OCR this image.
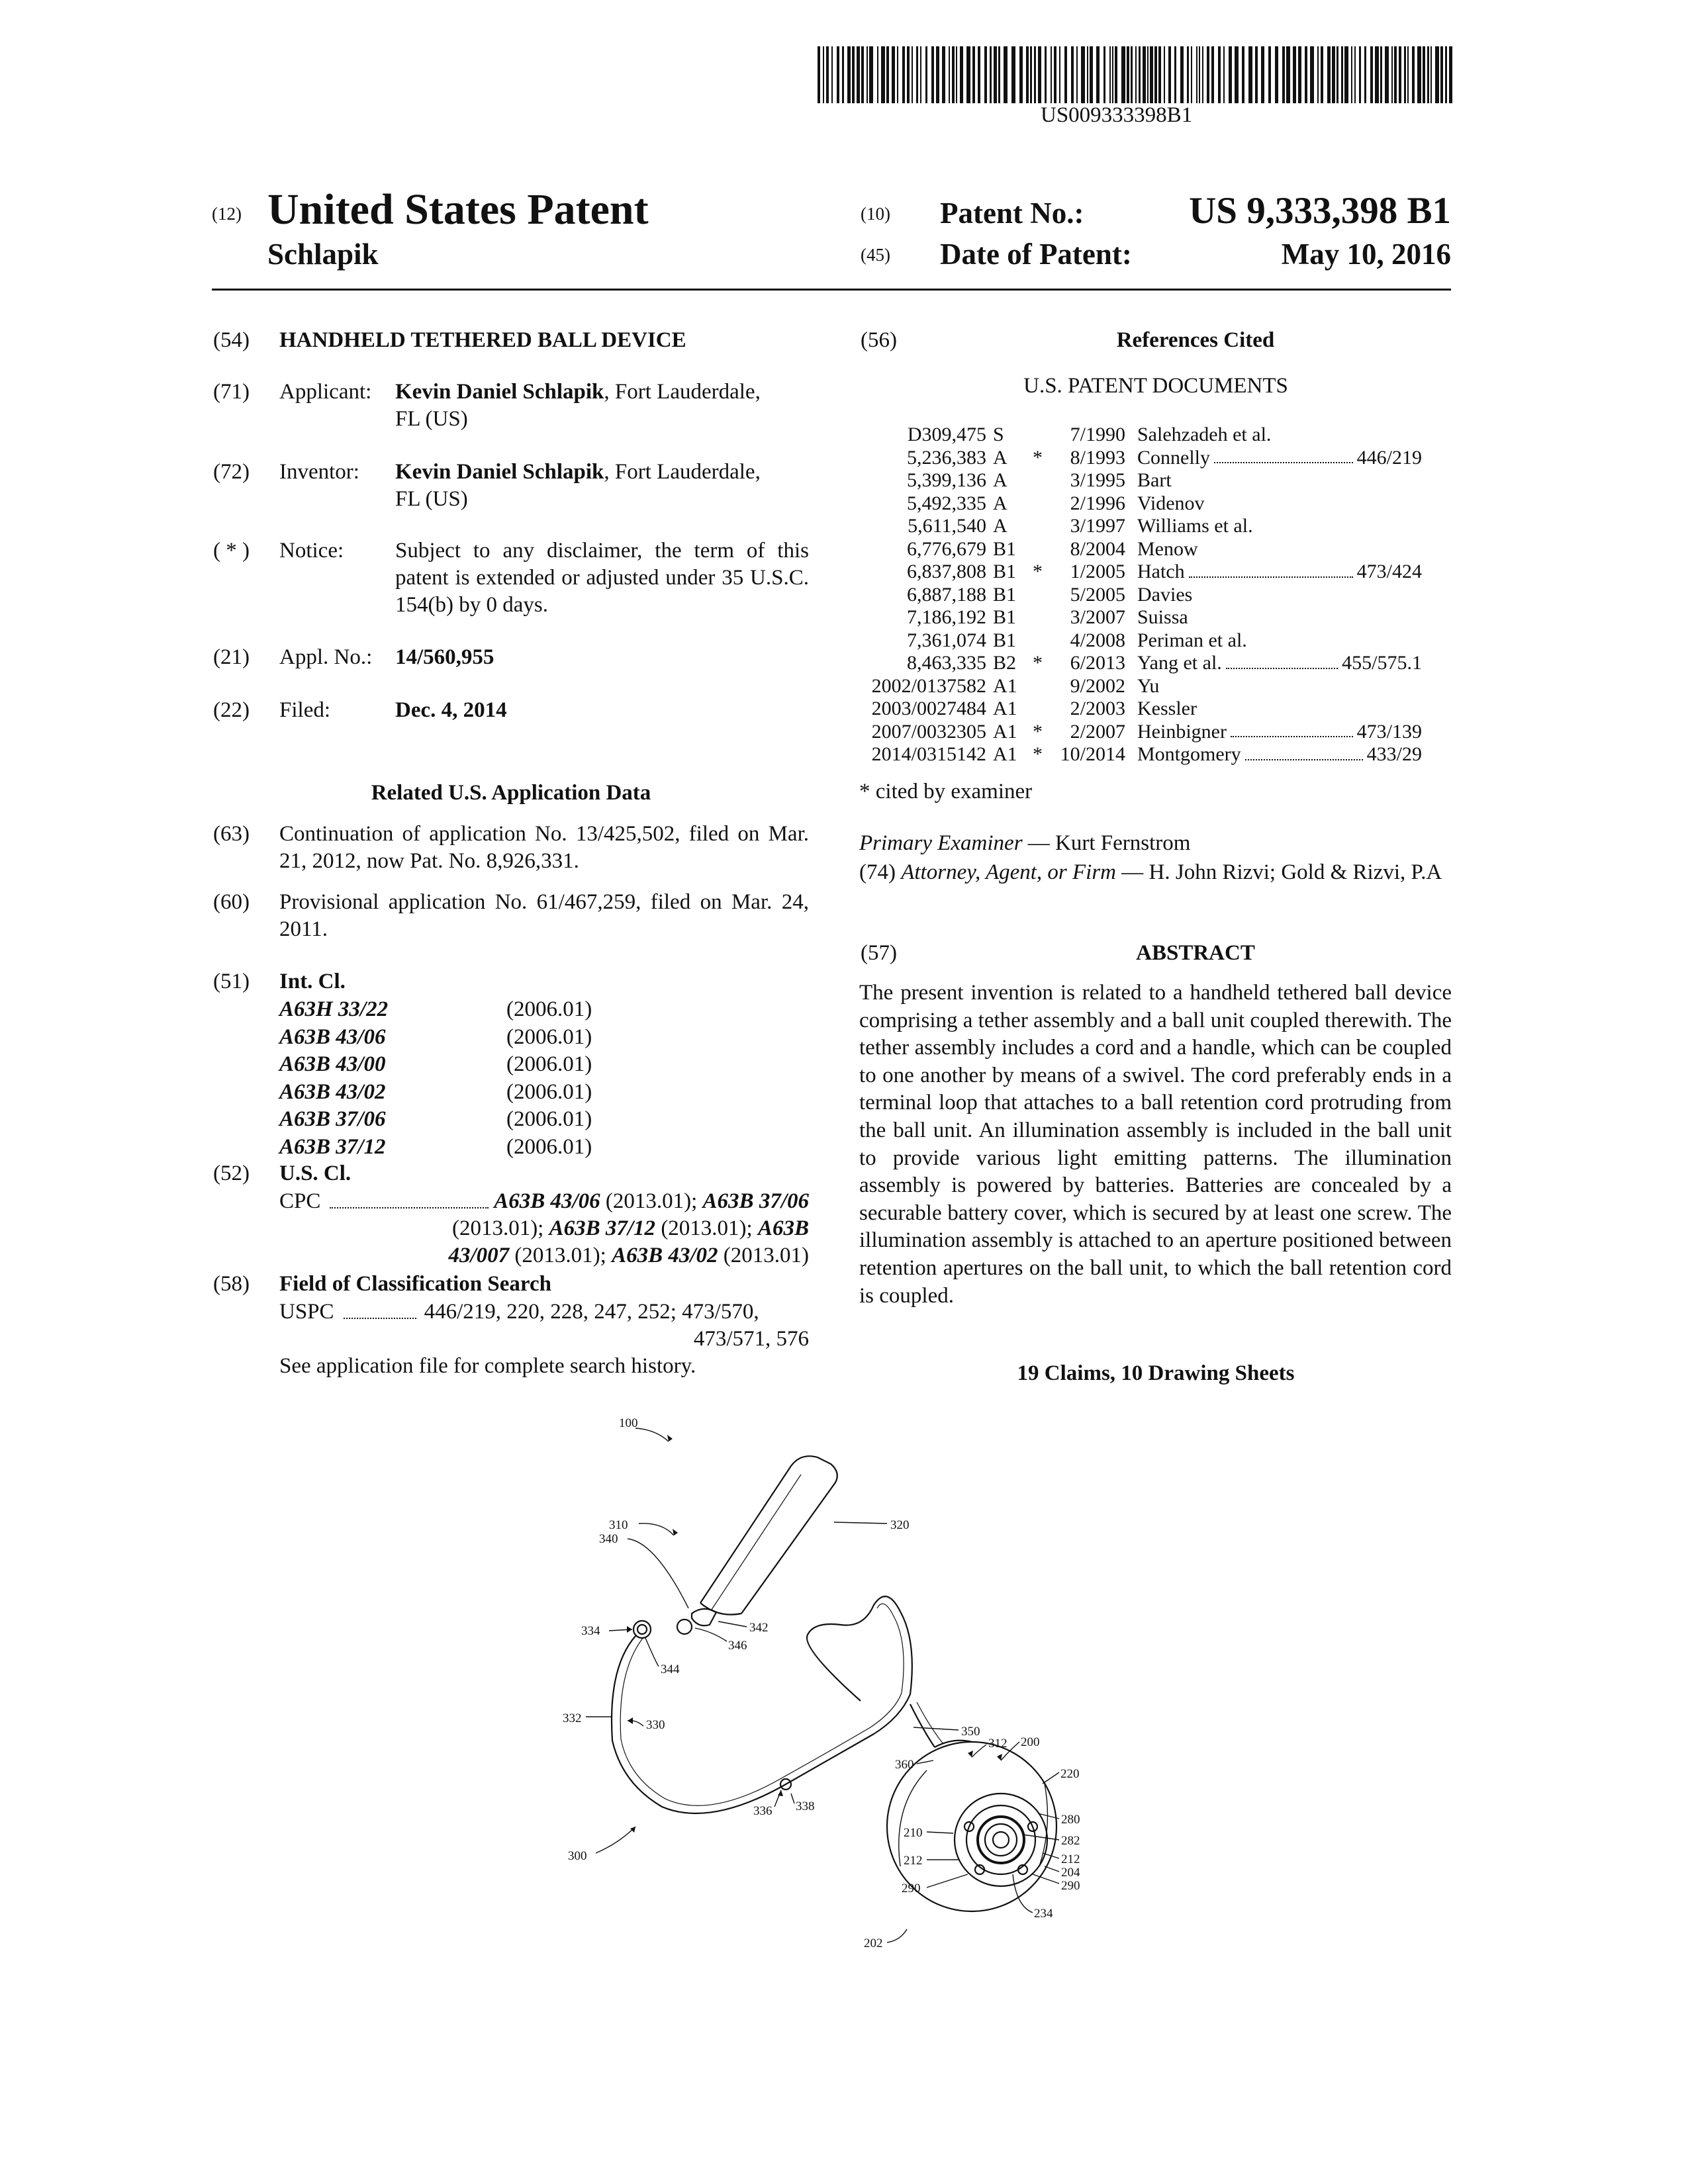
US009333398B1
(12) United States Patent
Schlapik
(10) Patent No.:	US 9,333,398 B1
(45) Date of Patent:	May 10, 2016
(54) HANDHELD TETHERED BALL DEVICE
(71) Applicant: Kevin Daniel Schlapik, Fort Lauderdale,
FL (US)
(72) Inventor: Kevin Daniel Schlapik, Fort Lauderdale,
FL (US)
( * ) Notice: Subject to any disclaimer, the term of this patent is extended or adjusted under 35 U.S.C. 154(b) by 0 days.
(21) Appl. No.: 14/560,955
(22) Filed:	Dec. 4, 2014
Related U.S. Application Data
(63) Continuation of application No. 13/425,502, filed on Mar. 21, 2012, now Pat. No. 8,926,331.
(60) Provisional application No. 61/467,259, filed on Mar. 24, 2011.
(51) Int. Cl.
A63H 33/22	(2006.01)
A63B 43/06	(2006.01)
A63B 43/00	(2006.01)
A63B 43/02	(2006.01)
A63B 37/06	(2006.01)
A63B 37/12	(2006.01)
(52) U.S. Cl.
CPC	A63B 43/06 (2013.01); A63B 37/06
(2013.01); A63B 37/12 (2013.01); A63B
43/007 (2013.01); A63B 43/02 (2013.01)
(58) Field of Classification Search
USPC	446/219, 220, 228, 247, 252; 473/570,
473/571, 576
See application file for complete search history.
(56)	References Cited
U.S. PATENT DOCUMENTS
D309,475	S		7/1990	Salehzadeh et al.
5,236,383	A	*	8/1993	Connelly 446/219

5,399,136	A		3/1995	Bart
5,492,335	A		2/1996	Videnov
5,611,540	A		3/1997	Williams et al.
6,776,679	B1		8/2004	Menow
6,837,808	B1	*	1/2005	Hatch 473/424

6,887,188	B1		5/2005	Davies
7,186,192	B1		3/2007	Suissa
7,361,074	B1		4/2008	Periman et al.
8,463,335	B2	*	6/2013	Yang et al. 455/575.1

2002/0137582	A1		9/2002	Yu
2003/0027484	A1		2/2003	Kessler
2007/0032305	A1	*	2/2007	Heinbigner 473/139

2014/0315142	A1	*	10/2014	Montgomery 433/29
* cited by examiner
Primary Examiner — Kurt Fernstrom
(74) Attorney, Agent, or Firm — H. John Rizvi; Gold & Rizvi, P.A
(57)	ABSTRACT
The present invention is related to a handheld tethered ball device comprising a tether assembly and a ball unit coupled therewith. The tether assembly includes a cord and a handle, which can be coupled to one another by means of a swivel. The cord preferably ends in a terminal loop that attaches to a ball retention cord protruding from the ball unit. An illumination assembly is included in the ball unit to provide various light emitting patterns. The illumination assembly is powered by batteries. Batteries are concealed by a securable battery cover, which is secured by at least one screw. The illumination assembly is attached to an aperture positioned between retention apertures on the ball unit, to which the ball retention cord is coupled.
19 Claims, 10 Drawing Sheets
100
310	320
340
342
334
346
344
332	330	350
312 200
360
220
300
336 338
280
210
282
212	212
204
290	290
234
202
